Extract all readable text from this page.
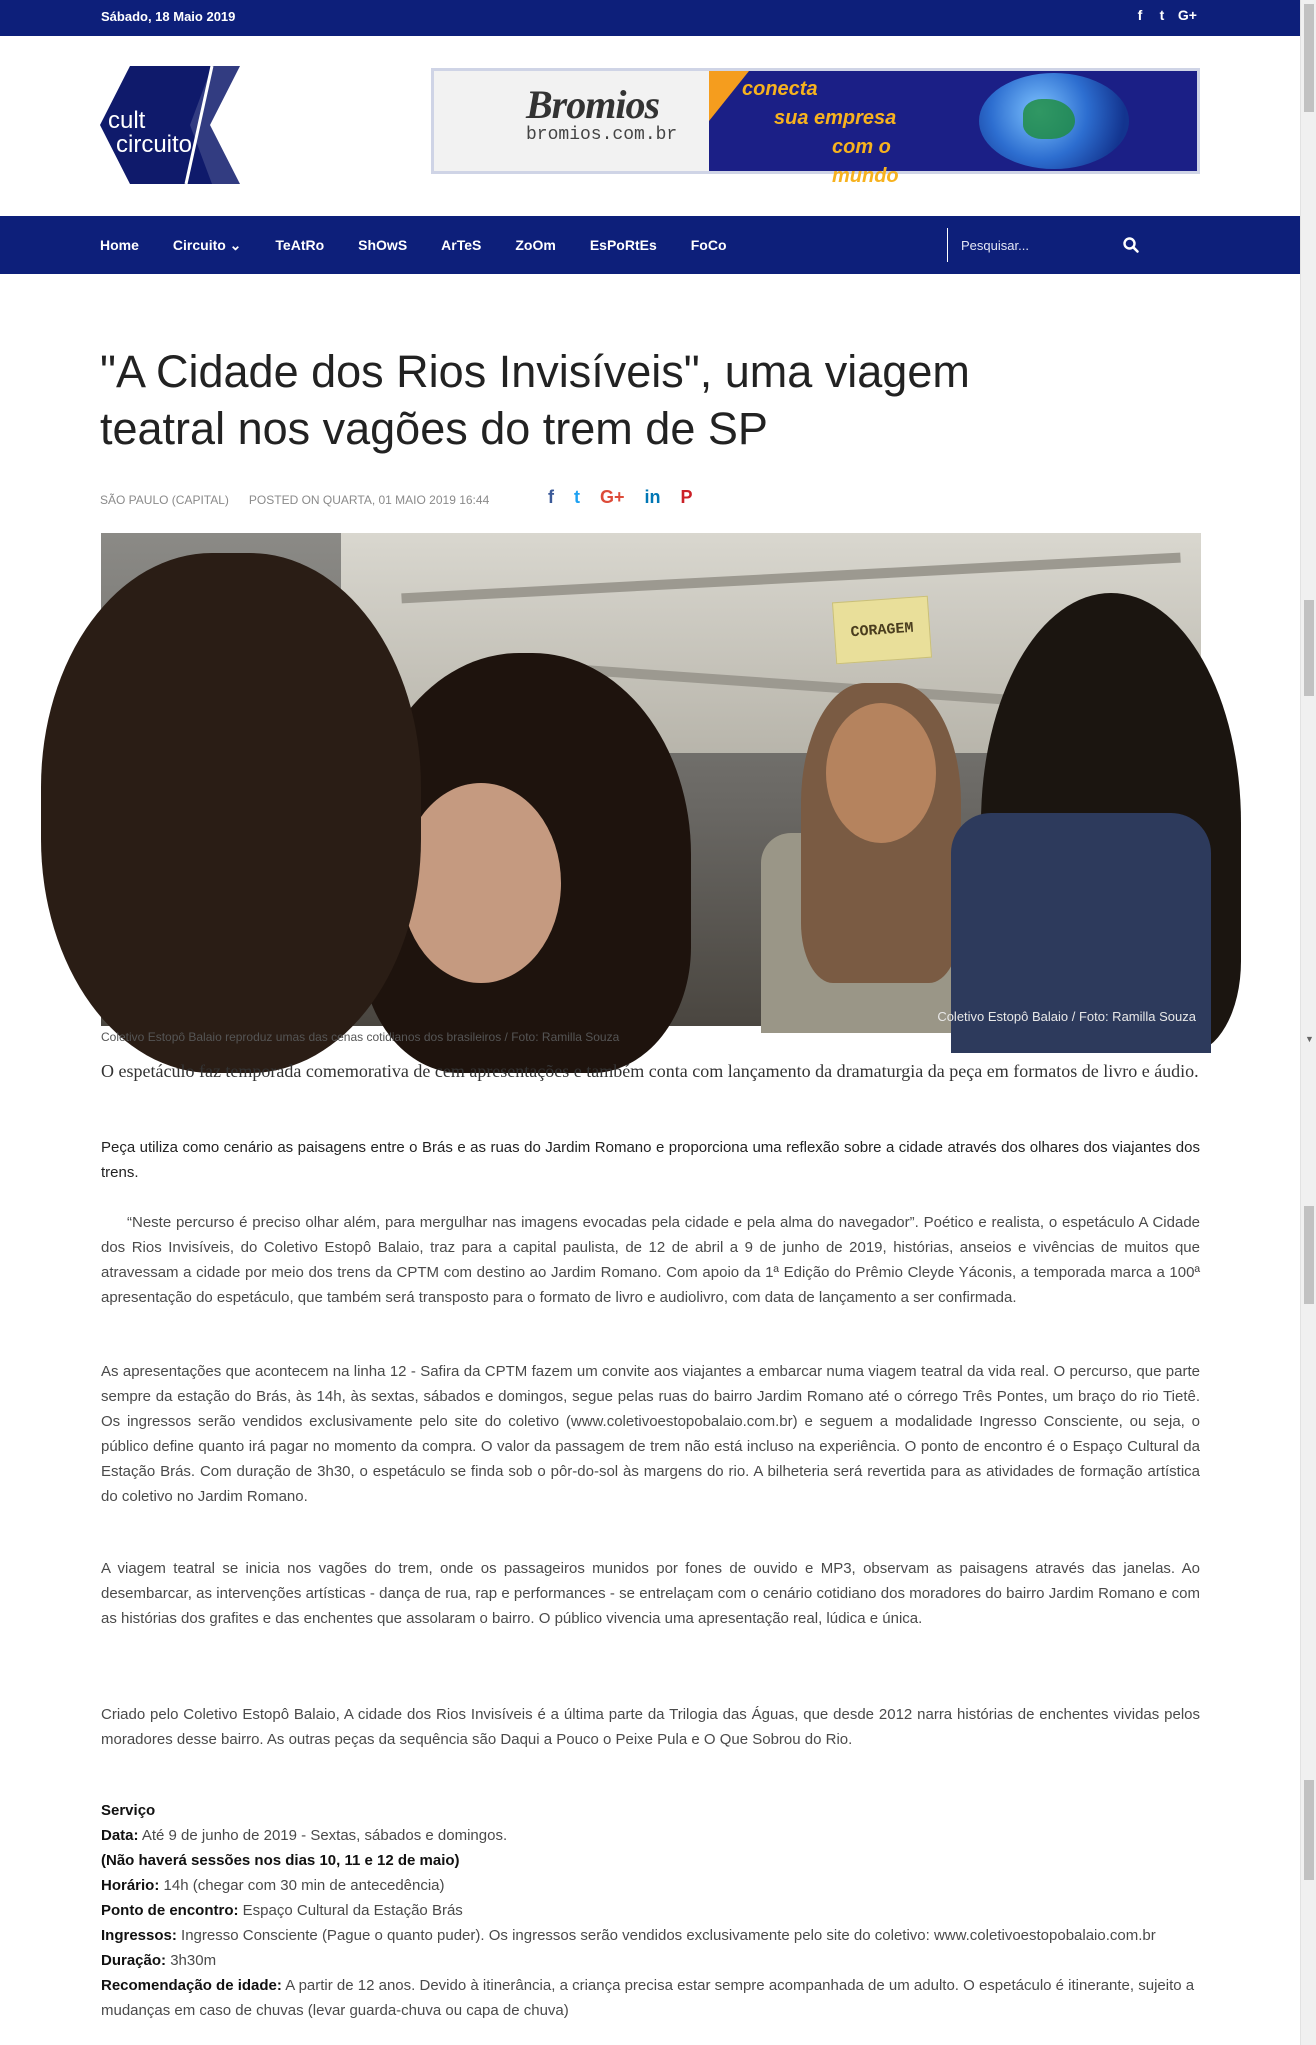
Sábado, 18 Maio 2019	f t G+
cult
circuito
Bromios
bromios.com.br
conecta
sua empresa
com o mundo
Home Circuito ⌄ TeAtRo ShOwS ArTeS ZoOm EsPoRtEs FoCo
Pesquisar...
"A Cidade dos Rios Invisíveis", uma viagem teatral nos vagões do trem de SP
SÃO PAULO (CAPITAL) POSTED ON QUARTA, 01 MAIO 2019 16:44	f t G+ in P
CORAGEM
Coletivo Estopô Balaio / Foto: Ramilla Souza

Coletivo Estopô Balaio reproduz umas das cenas cotidianos dos brasileiros / Foto: Ramilla Souza

O espetáculo faz temporada comemorativa de cem apresentações e também conta com lançamento da dramaturgia da peça em formatos de livro e áudio.

Peça utiliza como cenário as paisagens entre o Brás e as ruas do Jardim Romano e proporciona uma reflexão sobre a cidade através dos olhares dos viajantes dos trens.

“Neste percurso é preciso olhar além, para mergulhar nas imagens evocadas pela cidade e pela alma do navegador”. Poético e realista, o espetáculo A Cidade dos Rios Invisíveis, do Coletivo Estopô Balaio, traz para a capital paulista, de 12 de abril a 9 de junho de 2019, histórias, anseios e vivências de muitos que atravessam a cidade por meio dos trens da CPTM com destino ao Jardim Romano. Com apoio da 1ª Edição do Prêmio Cleyde Yáconis, a temporada marca a 100ª apresentação do espetáculo, que também será transposto para o formato de livro e audiolivro, com data de lançamento a ser confirmada.

As apresentações que acontecem na linha 12 - Safira da CPTM fazem um convite aos viajantes a embarcar numa viagem teatral da vida real. O percurso, que parte sempre da estação do Brás, às 14h, às sextas, sábados e domingos, segue pelas ruas do bairro Jardim Romano até o córrego Três Pontes, um braço do rio Tietê. Os ingressos serão vendidos exclusivamente pelo site do coletivo (www.coletivoestopobalaio.com.br) e seguem a modalidade Ingresso Consciente, ou seja, o público define quanto irá pagar no momento da compra. O valor da passagem de trem não está incluso na experiência. O ponto de encontro é o Espaço Cultural da Estação Brás. Com duração de 3h30, o espetáculo se finda sob o pôr-do-sol às margens do rio. A bilheteria será revertida para as atividades de formação artística do coletivo no Jardim Romano.

A viagem teatral se inicia nos vagões do trem, onde os passageiros munidos por fones de ouvido e MP3, observam as paisagens através das janelas. Ao desembarcar, as intervenções artísticas - dança de rua, rap e performances - se entrelaçam com o cenário cotidiano dos moradores do bairro Jardim Romano e com as histórias dos grafites e das enchentes que assolaram o bairro. O público vivencia uma apresentação real, lúdica e única.

Criado pelo Coletivo Estopô Balaio, A cidade dos Rios Invisíveis é a última parte da Trilogia das Águas, que desde 2012 narra histórias de enchentes vividas pelos moradores desse bairro. As outras peças da sequência são Daqui a Pouco o Peixe Pula e O Que Sobrou do Rio.

Serviço
Data: Até 9 de junho de 2019 - Sextas, sábados e domingos.
(Não haverá sessões nos dias 10, 11 e 12 de maio)
Horário: 14h (chegar com 30 min de antecedência)
Ponto de encontro: Espaço Cultural da Estação Brás
Ingressos: Ingresso Consciente (Pague o quanto puder). Os ingressos serão vendidos exclusivamente pelo site do coletivo: www.coletivoestopobalaio.com.br
Duração: 3h30m
Recomendação de idade: A partir de 12 anos. Devido à itinerância, a criança precisa estar sempre acompanhada de um adulto. O espetáculo é itinerante, sujeito a mudanças em caso de chuvas (levar guarda-chuva ou capa de chuva)
▼
